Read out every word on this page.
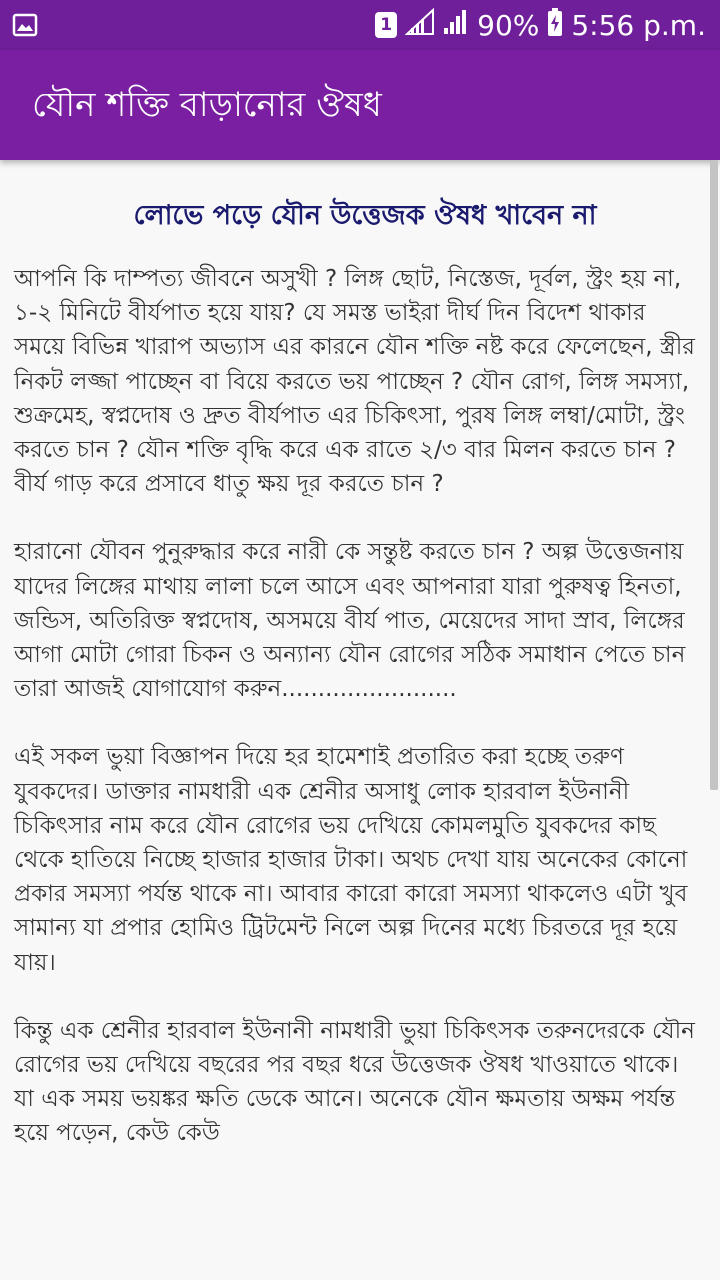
1	90% 5:56 p.m.
যৌন শক্তি বাড়ানোর ঔষধ
লোভে পড়ে যৌন উত্তেজক ঔষধ খাবেন না

আপনি কি দাম্পত্য জীবনে অসুখী ? লিঙ্গ ছোট, নিস্তেজ, দূর্বল, স্ট্রং হয় না, ১-২ মিনিটে বীর্যপাত হয়ে যায়? যে সমস্ত ভাইরা দীর্ঘ দিন বিদেশ থাকার সময়ে বিভিন্ন খারাপ অভ্যাস এর কারনে যৌন শক্তি নষ্ট করে ফেলেছেন, স্ত্রীর নিকট লজ্জা পাচ্ছেন বা বিয়ে করতে ভয় পাচ্ছেন ? যৌন রোগ, লিঙ্গ সমস্যা, শুক্রমেহ, স্বপ্নদোষ ও দ্রুত বীর্যপাত এর চিকিৎসা, পুরষ লিঙ্গ লম্বা/মোটা, স্ট্রং করতে চান ? যৌন শক্তি বৃদ্ধি করে এক রাতে ২/৩ বার মিলন করতে চান ? বীর্য গাড় করে প্রসাবে ধাতু ক্ষয় দূর করতে চান ?

হারানো যৌবন পুনুরুদ্ধার করে নারী কে সন্তুষ্ট করতে চান ? অল্প উত্তেজনায় যাদের লিঙ্গের মাথায় লালা চলে আসে এবং আপনারা যারা পুরুষত্ব হিনতা, জন্ডিস, অতিরিক্ত স্বপ্নদোষ, অসময়ে বীর্য পাত, মেয়েদের সাদা স্রাব, লিঙ্গের আগা মোটা গোরা চিকন ও অন্যান্য যৌন রোগের সঠিক সমাধান পেতে চান তারা আজই যোগাযোগ করুন........................

এই সকল ভুয়া বিজ্ঞাপন দিয়ে হর হামেশাই প্রতারিত করা হচ্ছে তরুণ যুবকদের। ডাক্তার নামধারী এক শ্রেনীর অসাধু লোক হারবাল ইউনানী চিকিৎসার নাম করে যৌন রোগের ভয় দেখিয়ে কোমলমুতি যুবকদের কাছ থেকে হাতিয়ে নিচ্ছে হাজার হাজার টাকা। অথচ দেখা যায় অনেকের কোনো প্রকার সমস্যা পর্যন্ত থাকে না। আবার কারো কারো সমস্যা থাকলেও এটা খুব সামান্য যা প্রপার হোমিও ট্রিটমেন্ট নিলে অল্প দিনের মধ্যে চিরতরে দূর হয়ে যায়।

কিন্তু এক শ্রেনীর হারবাল ইউনানী নামধারী ভুয়া চিকিৎসক তরুনদেরকে যৌন রোগের ভয় দেখিয়ে বছরের পর বছর ধরে উত্তেজক ঔষধ খাওয়াতে থাকে। যা এক সময় ভয়ঙ্কর ক্ষতি ডেকে আনে। অনেকে যৌন ক্ষমতায় অক্ষম পর্যন্ত হয়ে পড়েন, কেউ কেউ
